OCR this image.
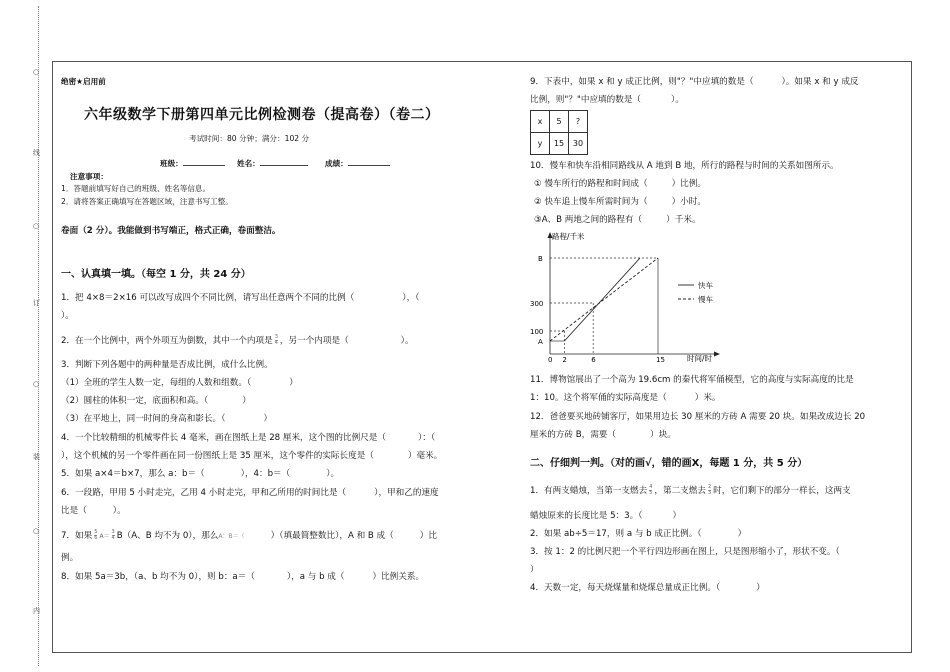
○
线
○
订
○
装
○
内
绝密★启用前
六年级数学下册第四单元比例检测卷（提高卷）（卷二）
考试时间：80 分钟；满分：102 分
班级：	姓名：	成绩：
注意事项：
1．答题前填写好自己的班级、姓名等信息。
2．请将答案正确填写在答题区域，注意书写工整。
卷面（2 分）。我能做到书写端正，格式正确，卷面整洁。
一、认真填一填。（每空 1 分，共 24 分）
1．把 4×8＝2×16 可以改写成四个不同比例，请写出任意两个不同的比例（	），（
）。
2．在一个比例中，两个外项互为倒数，其中一个内项是 $\frac{3}{4}$ ，另一个内项是（	）。
3．判断下列各题中的两种量是否成比例，成什么比例。
（1）全班的学生人数一定，每组的人数和组数。（	）
（2）圆柱的体积一定，底面积和高。（	）
（3）在平地上，同一时间的身高和影长。（	）
4．一个比较精细的机械零件长 4 毫米，画在图纸上是 28 厘米，这个图的比例尺是（	）：（
），这个机械的另一个零件画在同一份图纸上是 35 厘米，这个零件的实际长度是（	）毫米。
5．如果 a×4＝b×7，那么 a：b＝（	），4：b＝（	）。
6．一段路，甲用 5 小时走完，乙用 4 小时走完，甲和乙所用的时间比是（	），甲和乙的速度
比是（	）。
7．如果 $\frac{5}{6} A= \frac{3}{4} B(A$、B 均不为 0），那么A：B＝（	）（填最简整数比），A 和 B 成（	）比
例。
8．如果 5a＝3b，（a、b 均不为 0），则 b：a＝（	），a 与 b 成（	）比例关系。
9．下表中，如果 x 和 y 成正比例，则"？"中应填的数是（	）。如果 x 和 y 成反
比例，则"？"中应填的数是（	）。
x	5	?
y	15	30
10．慢车和快车沿相同路线从 A 地到 B 地，所行的路程与时间的关系如图所示。
① 慢车所行的路程和时间成（	）比例。
② 快车追上慢车所需时间为（	）小时。
③A、B 两地之间的路程有（	）千米。
路程/千米
时间/时
0 2	6	15
B
300
100
A
快车
慢车
11．博物馆展出了一个高为 19.6cm 的秦代将军俑模型，它的高度与实际高度的比是
1：10。这个将军俑的实际高度是（	）米。
12．爸爸要买地砖铺客厅，如果用边长 30 厘米的方砖 A 需要 20 块。如果改成边长 20
厘米的方砖 B，需要（	）块。
二、仔细判一判。（对的画√，错的画X，每题 1 分，共 5 分）
1．有两支蜡烛，当第一支燃去 $\frac{4}{5}$ ，第二支燃去 $\frac{2}{3}$ 时，它们剩下的部分一样长，这两支
蜡烛原来的长度比是 5：3。（	）
2．如果 ab÷5＝17，则 a 与 b 成正比例。（	）
3．按 1：2 的比例尺把一个平行四边形画在图上，只是图形缩小了，形状不变。（
）
4．天数一定，每天烧煤量和烧煤总量成正比例。（	）
